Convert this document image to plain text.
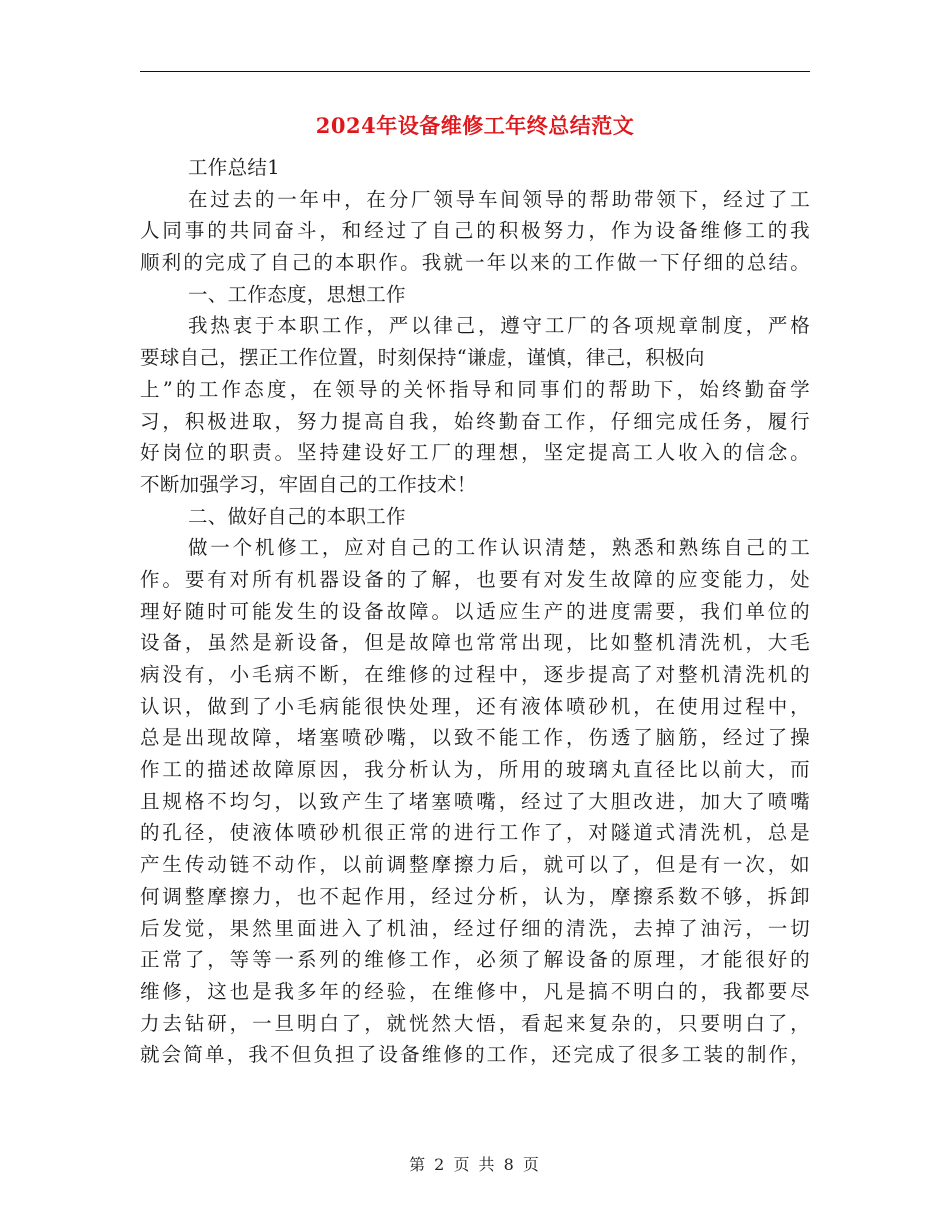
2024年设备维修工年终总结范文
工作总结1
在过去的一年中，在分厂领导车间领导的帮助带领下，经过了工
人同事的共同奋斗，和经过了自己的积极努力，作为设备维修工的我
顺利的完成了自己的本职作。我就一年以来的工作做一下仔细的总结。
一、工作态度，思想工作
我热衷于本职工作，严以律己，遵守工厂的各项规章制度，严格
要球自己，摆正工作位置，时刻保持“谦虚，谨慎，律己，积极向
上”的工作态度，在领导的关怀指导和同事们的帮助下，始终勤奋学
习，积极进取，努力提高自我，始终勤奋工作，仔细完成任务，履行
好岗位的职责。坚持建设好工厂的理想，坚定提高工人收入的信念。
不断加强学习，牢固自己的工作技术！
二、做好自己的本职工作
做一个机修工，应对自己的工作认识清楚，熟悉和熟练自己的工
作。要有对所有机器设备的了解，也要有对发生故障的应变能力，处
理好随时可能发生的设备故障。以适应生产的进度需要，我们单位的
设备，虽然是新设备，但是故障也常常出现，比如整机清洗机，大毛
病没有，小毛病不断，在维修的过程中，逐步提高了对整机清洗机的
认识，做到了小毛病能很快处理，还有液体喷砂机，在使用过程中，
总是出现故障，堵塞喷砂嘴，以致不能工作，伤透了脑筋，经过了操
作工的描述故障原因，我分析认为，所用的玻璃丸直径比以前大，而
且规格不均匀，以致产生了堵塞喷嘴，经过了大胆改进，加大了喷嘴
的孔径，使液体喷砂机很正常的进行工作了，对隧道式清洗机，总是
产生传动链不动作，以前调整摩擦力后，就可以了，但是有一次，如
何调整摩擦力，也不起作用，经过分析，认为，摩擦系数不够，拆卸
后发觉，果然里面进入了机油，经过仔细的清洗，去掉了油污，一切
正常了，等等一系列的维修工作，必须了解设备的原理，才能很好的
维修，这也是我多年的经验，在维修中，凡是搞不明白的，我都要尽
力去钻研，一旦明白了，就恍然大悟，看起来复杂的，只要明白了，
就会简单，我不但负担了设备维修的工作，还完成了很多工装的制作，
第 2 页 共 8 页
